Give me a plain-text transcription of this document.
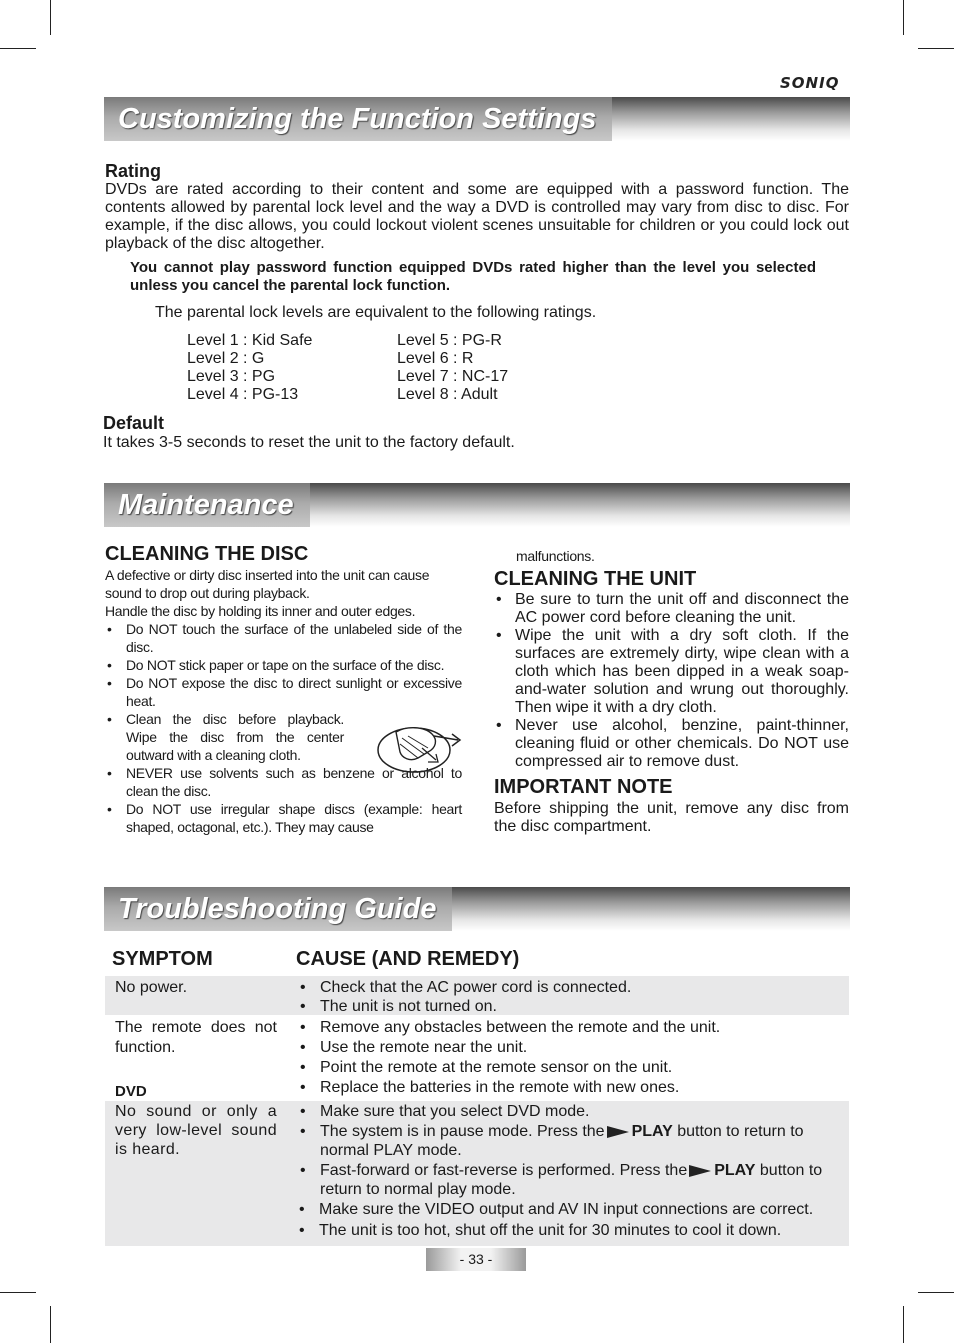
SONIQ
Customizing the Function Settings
Rating
DVDs are rated according to their content and some are equipped with a password function. The contents allowed by parental lock level and the way a DVD is controlled may vary from disc to disc. For example, if the disc allows, you could lockout violent scenes unsuitable for children or you could lock out playback of the disc altogether.
You cannot play password function equipped DVDs rated higher than the level you selected unless you cancel the parental lock function.
The parental lock levels are equivalent to the following ratings.
Level 1 : Kid Safe
Level 2 : G
Level 3 : PG
Level 4 : PG-13
Level 5 : PG-R
Level 6 : R
Level 7 : NC-17
Level 8 : Adult
Default
It takes 3-5 seconds to reset the unit to the factory default.
Maintenance
CLEANING THE DISC
A defective or dirty disc inserted into the unit can cause sound to drop out during playback.
Handle the disc by holding its inner and outer edges.
• Do NOT touch the surface of the unlabeled side of the disc.
• Do NOT stick paper or tape on the surface of the disc.
• Do NOT expose the disc to direct sunlight or excessive heat.
• Clean the disc before playback. Wipe the disc from the center outward with a cleaning cloth.
• NEVER use solvents such as benzene or alcohol to clean the disc.
• Do NOT use irregular shape discs (example: heart shaped, octagonal, etc.). They may cause
malfunctions.
CLEANING THE UNIT
• Be sure to turn the unit off and disconnect the AC power cord before cleaning the unit.
• Wipe the unit with a dry soft cloth. If the surfaces are extremely dirty, wipe clean with a cloth which has been dipped in a weak soap-and-water solution and wrung out thoroughly. Then wipe it with a dry cloth.
• Never use alcohol, benzine, paint-thinner, cleaning fluid or other chemicals. Do NOT use compressed air to remove dust.
IMPORTANT NOTE
Before shipping the unit, remove any disc from the disc compartment.
Troubleshooting Guide
SYMPTOM	CAUSE (AND REMEDY)
No power.	• Check that the AC power cord is connected.
• The unit is not turned on.
The remote does not function.
• Remove any obstacles between the remote and the unit.
• Use the remote near the unit.
• Point the remote at the remote sensor on the unit.
• Replace the batteries in the remote with new ones.
DVD
No sound or only a very low-level sound is heard.
• Make sure that you select DVD mode.
• The system is in pause mode. Press the PLAY button to return to normal PLAY mode.
• Fast-forward or fast-reverse is performed. Press the PLAY button to return to normal play mode.
• Make sure the VIDEO output and AV IN input connections are correct.
• The unit is too hot, shut off the unit for 30 minutes to cool it down.
- 33 -
